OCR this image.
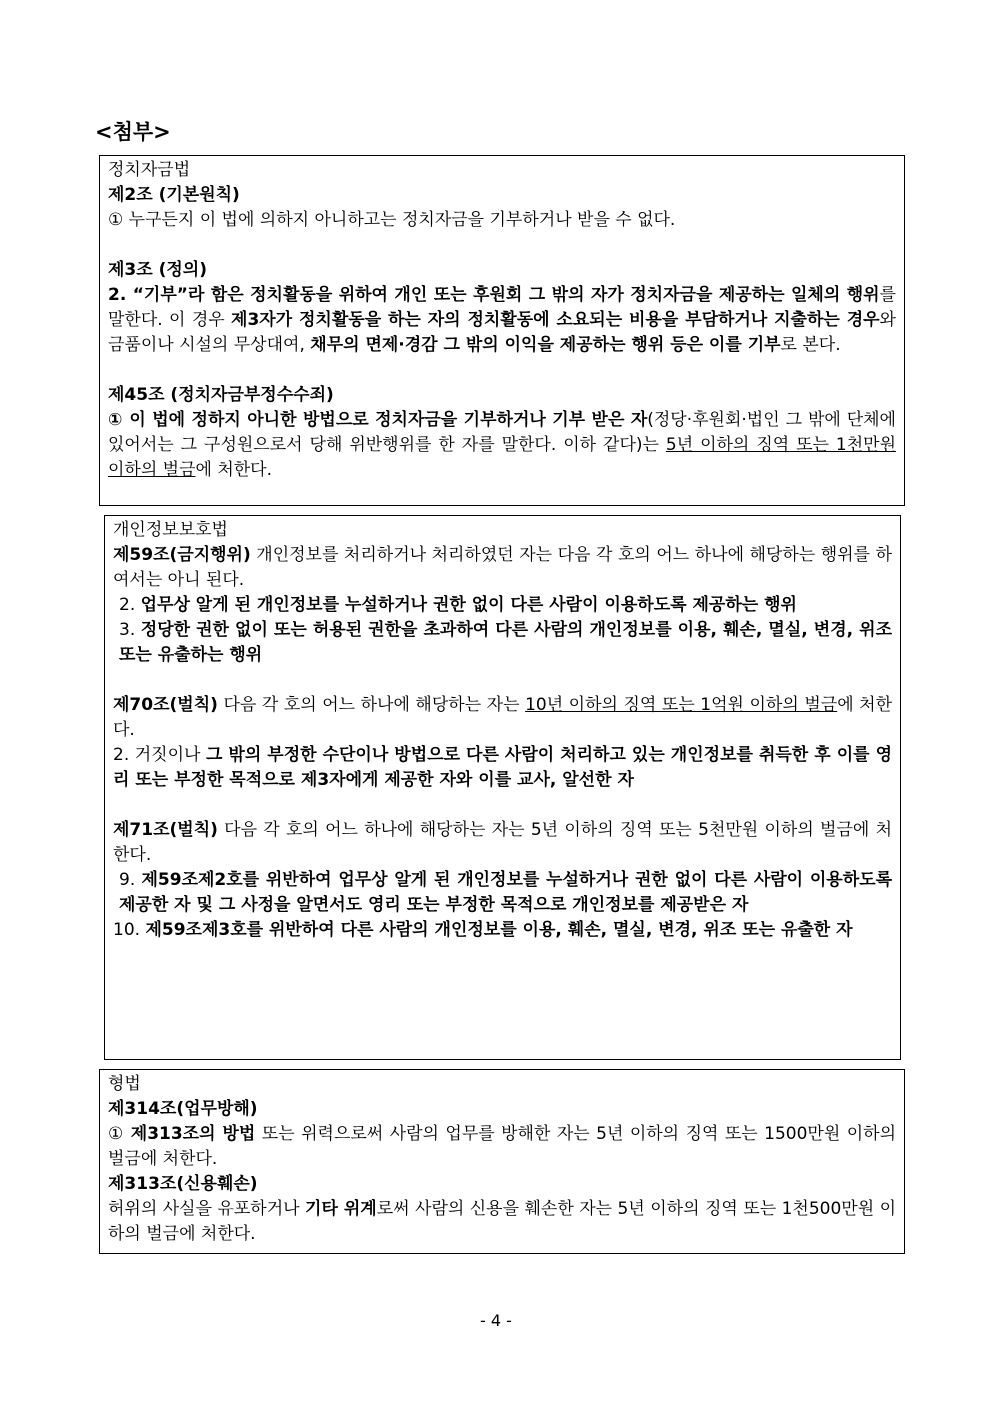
<첨부>

정치자금법

제2조 (기본원칙)

① 누구든지 이 법에 의하지 아니하고는 정치자금을 기부하거나 받을 수 없다.

제3조 (정의)

2. “기부”라 함은 정치활동을 위하여 개인 또는 후원회 그 밖의 자가 정치자금을 제공하는 일체의 행위를 말한다. 이 경우 제3자가 정치활동을 하는 자의 정치활동에 소요되는 비용을 부담하거나 지출하는 경우와 금품이나 시설의 무상대여, 채무의 면제·경감 그 밖의 이익을 제공하는 행위 등은 이를 기부로 본다.

제45조 (정치자금부정수수죄)

① 이 법에 정하지 아니한 방법으로 정치자금을 기부하거나 기부 받은 자(정당·후원회·법인 그 밖에 단체에 있어서는 그 구성원으로서 당해 위반행위를 한 자를 말한다. 이하 같다)는 5년 이하의 징역 또는 1천만원 이하의 벌금에 처한다.

개인정보보호법

제59조(금지행위) 개인정보를 처리하거나 처리하였던 자는 다음 각 호의 어느 하나에 해당하는 행위를 하여서는 아니 된다.

2. 업무상 알게 된 개인정보를 누설하거나 권한 없이 다른 사람이 이용하도록 제공하는 행위

3. 정당한 권한 없이 또는 허용된 권한을 초과하여 다른 사람의 개인정보를 이용, 훼손, 멸실, 변경, 위조 또는 유출하는 행위

제70조(벌칙) 다음 각 호의 어느 하나에 해당하는 자는 10년 이하의 징역 또는 1억원 이하의 벌금에 처한다.

2. 거짓이나 그 밖의 부정한 수단이나 방법으로 다른 사람이 처리하고 있는 개인정보를 취득한 후 이를 영리 또는 부정한 목적으로 제3자에게 제공한 자와 이를 교사, 알선한 자

제71조(벌칙) 다음 각 호의 어느 하나에 해당하는 자는 5년 이하의 징역 또는 5천만원 이하의 벌금에 처한다.

9. 제59조제2호를 위반하여 업무상 알게 된 개인정보를 누설하거나 권한 없이 다른 사람이 이용하도록 제공한 자 및 그 사정을 알면서도 영리 또는 부정한 목적으로 개인정보를 제공받은 자

10. 제59조제3호를 위반하여 다른 사람의 개인정보를 이용, 훼손, 멸실, 변경, 위조 또는 유출한 자

형법

제314조(업무방해)

① 제313조의 방법 또는 위력으로써 사람의 업무를 방해한 자는 5년 이하의 징역 또는 1500만원 이하의 벌금에 처한다.

제313조(신용훼손)

허위의 사실을 유포하거나 기타 위계로써 사람의 신용을 훼손한 자는 5년 이하의 징역 또는 1천500만원 이하의 벌금에 처한다.

- 4 -
